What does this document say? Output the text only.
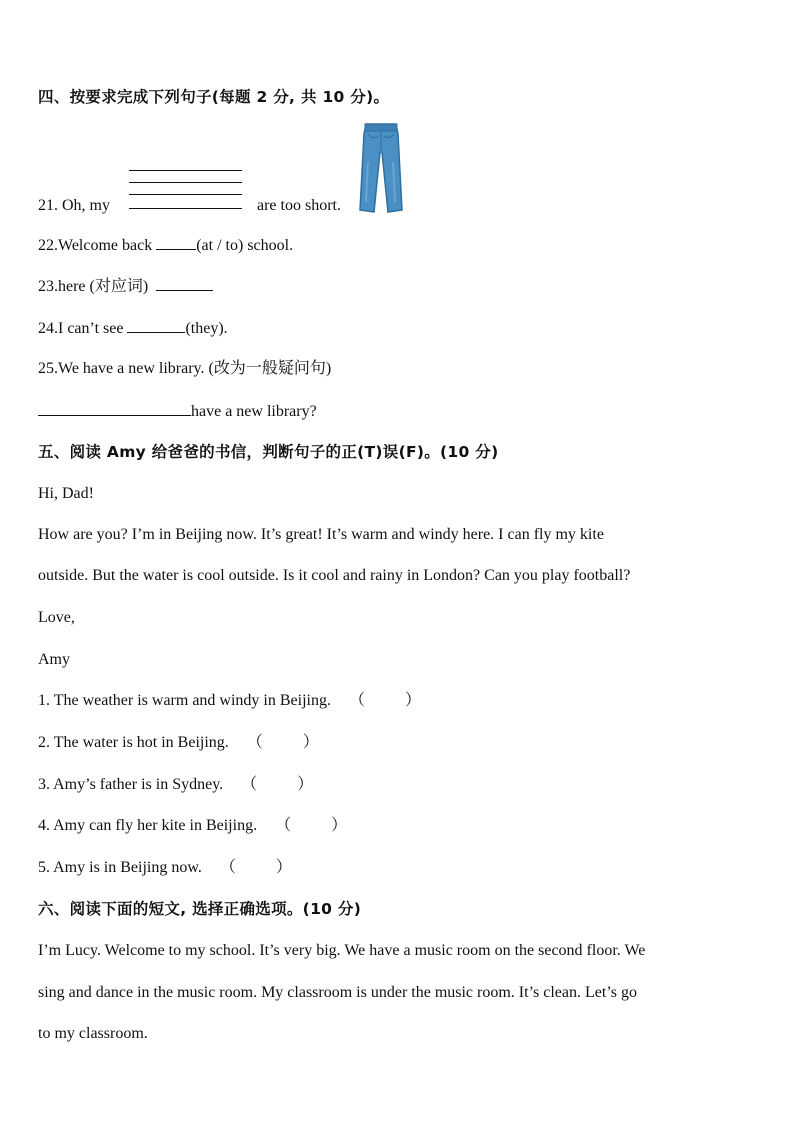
四、按要求完成下列句子(每题 2 分, 共 10 分)。
21. Oh, my	are too short.
22.Welcome back	(at / to) school.
23.here (对应词)
24.I can’t see	(they).
25.We have a new library. (改为一般疑问句)
have a new library?
五、阅读 Amy 给爸爸的书信，判断句子的正(T)误(F)。(10 分)
Hi, Dad!
How are you? I’m in Beijing now. It’s great! It’s warm and windy here. I can fly my kite
outside. But the water is cool outside. Is it cool and rainy in London? Can you play football?
Love,
Amy
1. The weather is warm and windy in Beijing. （	）
2. The water is hot in Beijing. （	）
3. Amy’s father is in Sydney. （	）
4. Amy can fly her kite in Beijing. （	）
5. Amy is in Beijing now. （	）
六、阅读下面的短文, 选择正确选项。(10 分)
I’m Lucy. Welcome to my school. It’s very big. We have a music room on the second floor. We
sing and dance in the music room. My classroom is under the music room. It’s clean. Let’s go
to my classroom.
